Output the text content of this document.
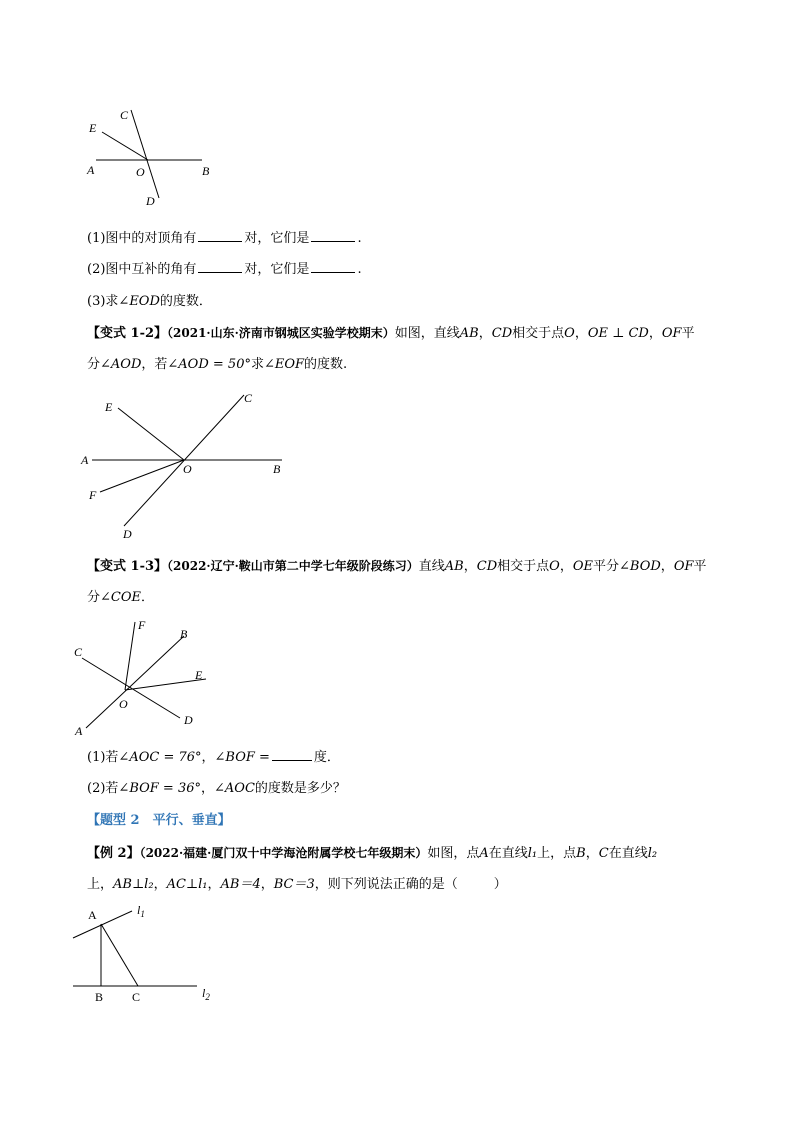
E
C
A	O	B
D
(1)图中的对顶角有	对，它们是	.
(2)图中互补的角有	对，它们是	.
(3)求∠EOD的度数．
【变式 1-2】（2021·山东·济南市钢城区实验学校期末）如图，直线AB，CD相交于点O，OE ⊥ CD，OF平
分∠AOD，若∠AOD = 50°求∠EOF的度数.
E
C
A
O	B
F
D
【变式 1-3】（2022·辽宁·鞍山市第二中学七年级阶段练习）直线AB，CD相交于点O，OE平分∠BOD，OF平
分∠COE．
F
B
C
E
O
A
D
(1)若∠AOC = 76°，∠BOF =	度．
(2)若∠BOF = 36°，∠AOC的度数是多少？
【题型 2　平行、垂直】
【例 2】（2022·福建·厦门双十中学海沧附属学校七年级期末）如图，点A在直线l₁上，点B，C在直线l₂
上，AB⊥l₂，AC⊥l₁，AB＝4，BC＝3，则下列说法正确的是（	）
A	$l_1$
B C	$l_2$
